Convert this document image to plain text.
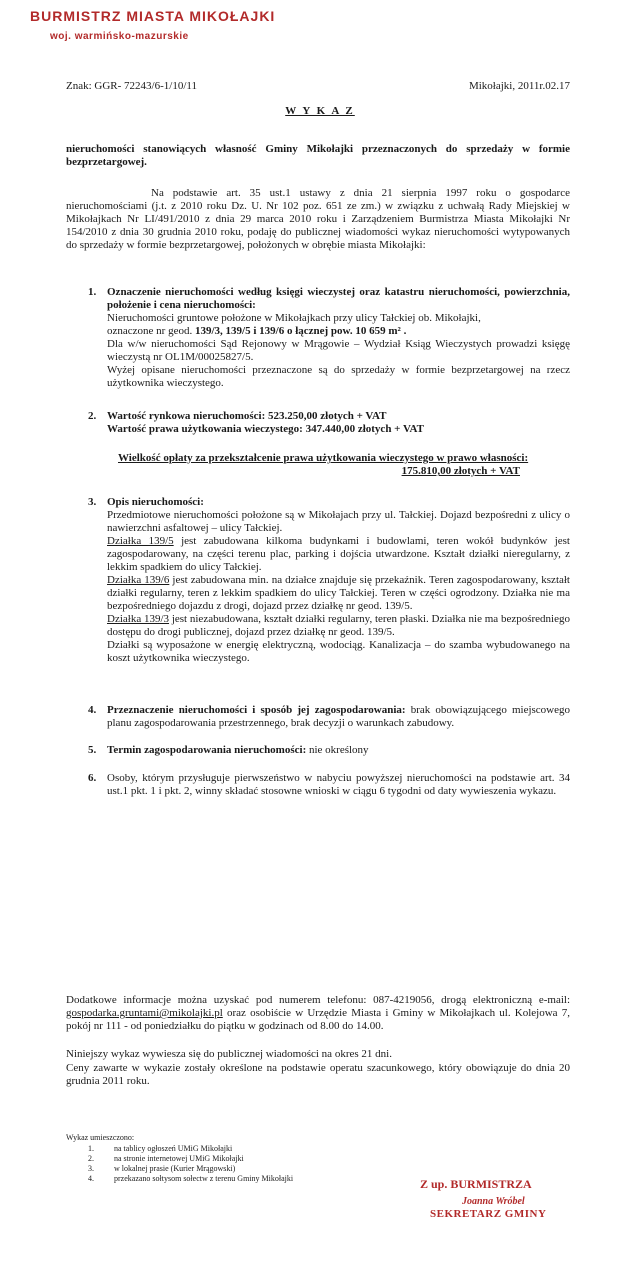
BURMISTRZ MIASTA MIKOŁAJKI
woj. warmińsko-mazurskie
Znak: GGR- 72243/6-1/10/11	Mikołajki, 2011r.02.17
W Y K A Z
nieruchomości stanowiących własność Gminy Mikołajki przeznaczonych do sprzedaży w formie bezprzetargowej.
Na podstawie art. 35 ust.1 ustawy z dnia 21 sierpnia 1997 roku o gospodarce nieruchomościami (j.t. z 2010 roku Dz. U. Nr 102 poz. 651 ze zm.) w związku z uchwałą Rady Miejskiej w Mikołajkach Nr LI/491/2010 z dnia 29 marca 2010 roku i Zarządzeniem Burmistrza Miasta Mikołajki Nr 154/2010 z dnia 30 grudnia 2010 roku, podaję do publicznej wiadomości wykaz nieruchomości wytypowanych do sprzedaży w formie bezprzetargowej, położonych w obrębie miasta Mikołajki:
1. Oznaczenie nieruchomości według księgi wieczystej oraz katastru nieruchomości, powierzchnia, położenie i cena nieruchomości:

Nieruchomości gruntowe położone w Mikołajkach przy ulicy Tałckiej ob. Mikołajki,

oznaczone nr geod. 139/3, 139/5 i 139/6 o łącznej pow. 10 659 m² .

Dla w/w nieruchomości Sąd Rejonowy w Mrągowie – Wydział Ksiąg Wieczystych prowadzi księgę wieczystą nr OL1M/00025827/5.

Wyżej opisane nieruchomości przeznaczone są do sprzedaży w formie bezprzetargowej na rzecz użytkownika wieczystego.

2. Wartość rynkowa nieruchomości: 523.250,00 złotych + VAT

Wartość prawa użytkowania wieczystego: 347.440,00 złotych + VAT

Wielkość opłaty za przekształcenie prawa użytkowania wieczystego w prawo własności:
175.810,00 złotych + VAT
3. Opis nieruchomości:

Przedmiotowe nieruchomości położone są w Mikołajach przy ul. Tałckiej. Dojazd bezpośredni z ulicy o nawierzchni asfaltowej – ulicy Tałckiej.

Działka 139/5 jest zabudowana kilkoma budynkami i budowlami, teren wokół budynków jest zagospodarowany, na części terenu plac, parking i dojścia utwardzone. Kształt działki nieregularny, z lekkim spadkiem do ulicy Tałckiej.

Działka 139/6 jest zabudowana min. na działce znajduje się przekaźnik. Teren zagospodarowany, kształt działki regularny, teren z lekkim spadkiem do ulicy Tałckiej. Teren w części ogrodzony. Działka nie ma bezpośredniego dojazdu z drogi, dojazd przez działkę nr geod. 139/5.

Działka 139/3 jest niezabudowana, kształt działki regularny, teren płaski. Działka nie ma bezpośredniego dostępu do drogi publicznej, dojazd przez działkę nr geod. 139/5.

Działki są wyposażone w energię elektryczną, wodociąg. Kanalizacja – do szamba wybudowanego na koszt użytkownika wieczystego.

4. Przeznaczenie nieruchomości i sposób jej zagospodarowania: brak obowiązującego miejscowego planu zagospodarowania przestrzennego, brak decyzji o warunkach zabudowy.
5. Termin zagospodarowania nieruchomości: nie określony
6. Osoby, którym przysługuje pierwszeństwo w nabyciu powyższej nieruchomości na podstawie art. 34 ust.1 pkt. 1 i pkt. 2, winny składać stosowne wnioski w ciągu 6 tygodni od daty wywieszenia wykazu.
Dodatkowe informacje można uzyskać pod numerem telefonu: 087-4219056, drogą elektroniczną e-mail: gospodarka.gruntami@mikolajki.pl oraz osobiście w Urzędzie Miasta i Gminy w Mikołajkach ul. Kolejowa 7, pokój nr 111 - od poniedziałku do piątku w godzinach od 8.00 do 14.00.
Niniejszy wykaz wywiesza się do publicznej wiadomości na okres 21 dni.
Ceny zawarte w wykazie zostały określone na podstawie operatu szacunkowego, który obowiązuje do dnia 20 grudnia 2011 roku.
Wykaz umieszczono:
1.	na tablicy ogłoszeń UMiG Mikołajki
2.	na stronie internetowej UMiG Mikołajki
3.	w lokalnej prasie (Kurier Mrągowski)
4.	przekazano sołtysom sołectw z terenu Gminy Mikołajki	Z up. BURMISTRZA
Joanna Wróbel
SEKRETARZ GMINY
